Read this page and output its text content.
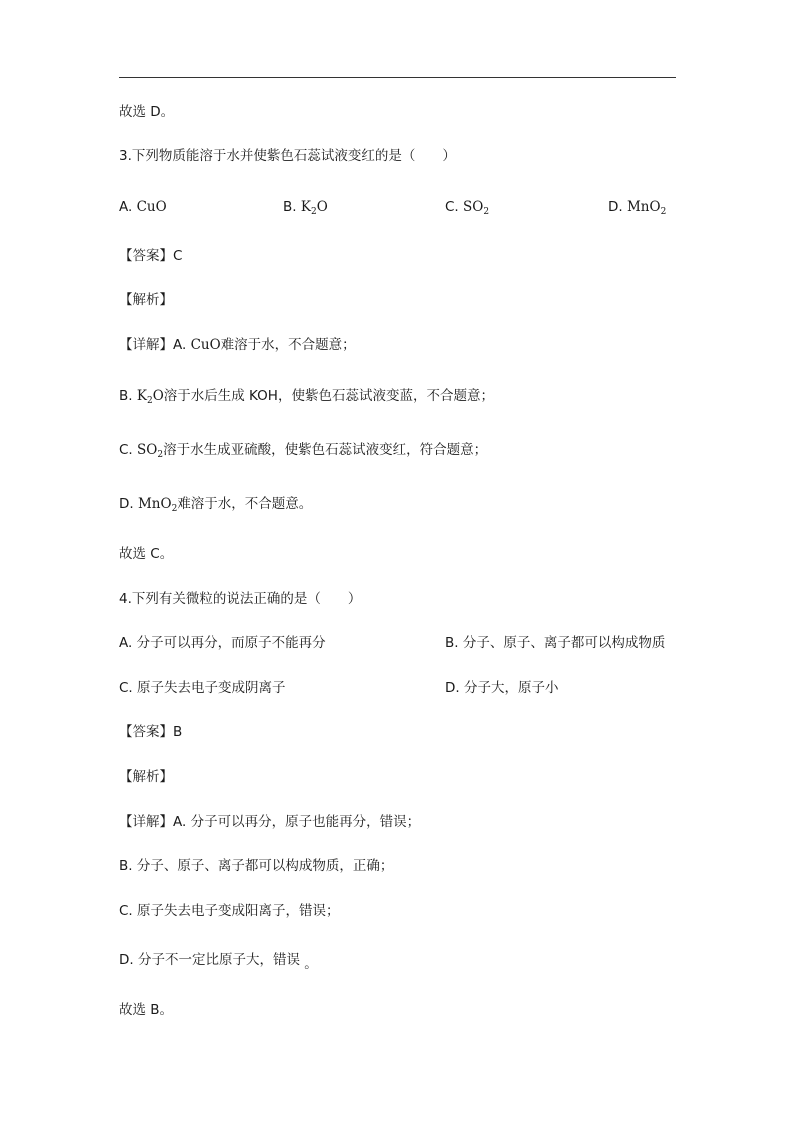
故选 D。
3.下列物质能溶于水并使紫色石蕊试液变红的是（　　）
A. CuO	B. $K_2O$	C. $SO_2$	D. MnO$_2$
【答案】C
【解析】
【详解】A. CuO难溶于水，不合题意；
B. $K_2O$溶于水后生成 KOH，使紫色石蕊试液变蓝，不合题意；
C. $SO_2$溶于水生成亚硫酸，使紫色石蕊试液变红，符合题意；
D. MnO$_2$难溶于水，不合题意。
故选 C。
4.下列有关微粒的说法正确的是（　　）
A. 分子可以再分，而原子不能再分	B. 分子、原子、离子都可以构成物质
C. 原子失去电子变成阴离子	D. 分子大，原子小
【答案】B
【解析】
【详解】A. 分子可以再分，原子也能再分，错误；
B. 分子、原子、离子都可以构成物质，正确；
C. 原子失去电子变成阳离子，错误；
D. 分子不一定比原子大，错误 。
故选 B。
